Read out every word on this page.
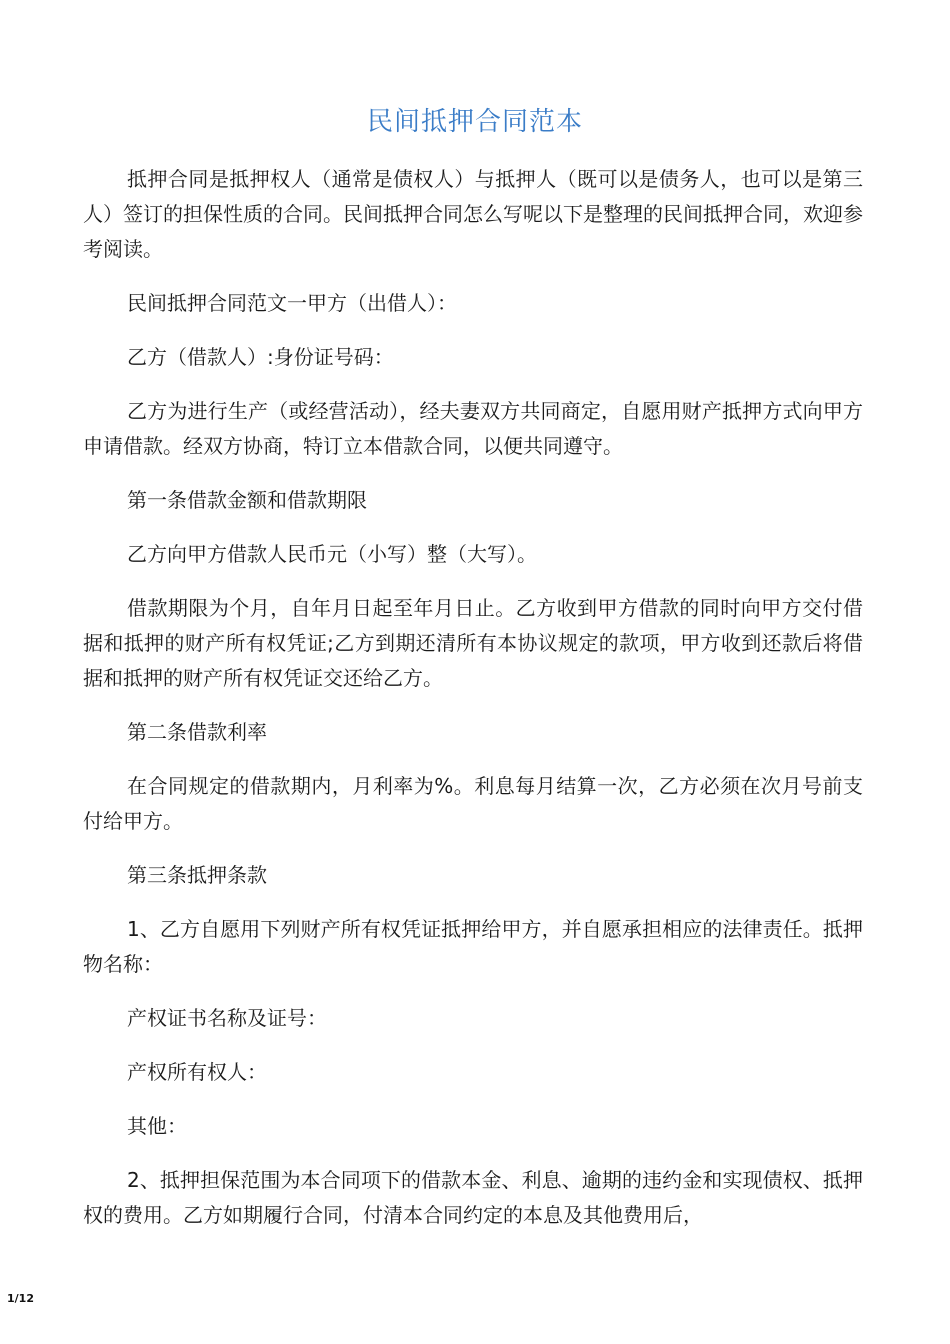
民间抵押合同范本

抵押合同是抵押权人（通常是债权人）与抵押人（既可以是债务人，也可以是第三人）签订的担保性质的合同。民间抵押合同怎么写呢以下是整理的民间抵押合同，欢迎参考阅读。

民间抵押合同范文一甲方（出借人）：

乙方（借款人）:身份证号码：

乙方为进行生产（或经营活动），经夫妻双方共同商定，自愿用财产抵押方式向甲方申请借款。经双方协商，特订立本借款合同，以便共同遵守。

第一条借款金额和借款期限

乙方向甲方借款人民币元（小写）整（大写）。

借款期限为个月，自年月日起至年月日止。乙方收到甲方借款的同时向甲方交付借据和抵押的财产所有权凭证;乙方到期还清所有本协议规定的款项，甲方收到还款后将借据和抵押的财产所有权凭证交还给乙方。

第二条借款利率

在合同规定的借款期内，月利率为%。利息每月结算一次，乙方必须在次月号前支付给甲方。

第三条抵押条款

1、乙方自愿用下列财产所有权凭证抵押给甲方，并自愿承担相应的法律责任。抵押物名称：

产权证书名称及证号：

产权所有权人：

其他：

2、抵押担保范围为本合同项下的借款本金、利息、逾期的违约金和实现债权、抵押权的费用。乙方如期履行合同，付清本合同约定的本息及其他费用后，

1/12
